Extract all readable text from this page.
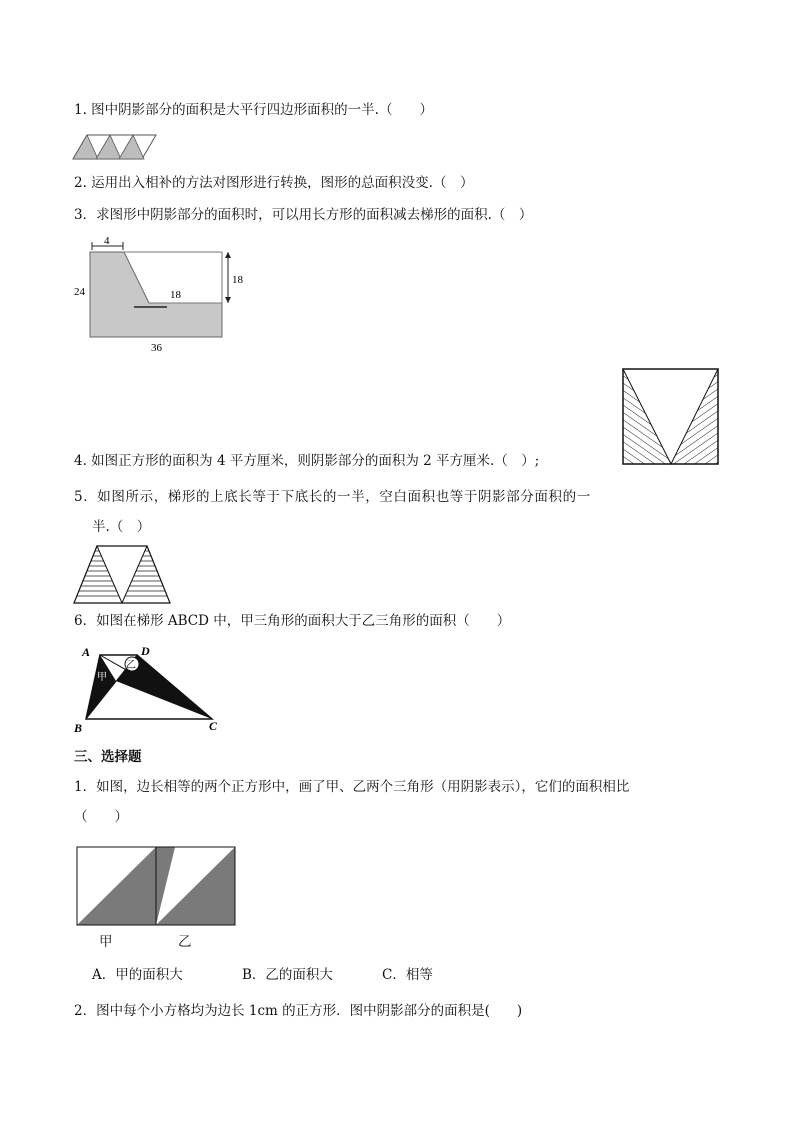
1. 图中阴影部分的面积是大平行四边形面积的一半.（　　）
2. 运用出入相补的方法对图形进行转换，图形的总面积没变.（　）
3．求图形中阴影部分的面积时，可以用长方形的面积减去梯形的面积.（　）
4
18
24	18
36
4. 如图正方形的面积为 4 平方厘米，则阴影部分的面积为 2 平方厘米.（　）;
5．如图所示，梯形的上底长等于下底长的一半，空白面积也等于阴影部分面积的一
半.（　）
6．如图在梯形 ABCD 中，甲三角形的面积大于乙三角形的面积（　　）
A	D
B	C
甲
乙
三、选择题
1．如图，边长相等的两个正方形中，画了甲、乙两个三角形（用阴影表示），它们的面积相比
（　　）
甲	乙
A．甲的面积大	B．乙的面积大	C．相等
2．图中每个小方格均为边长 1cm 的正方形．图中阴影部分的面积是(　　)
